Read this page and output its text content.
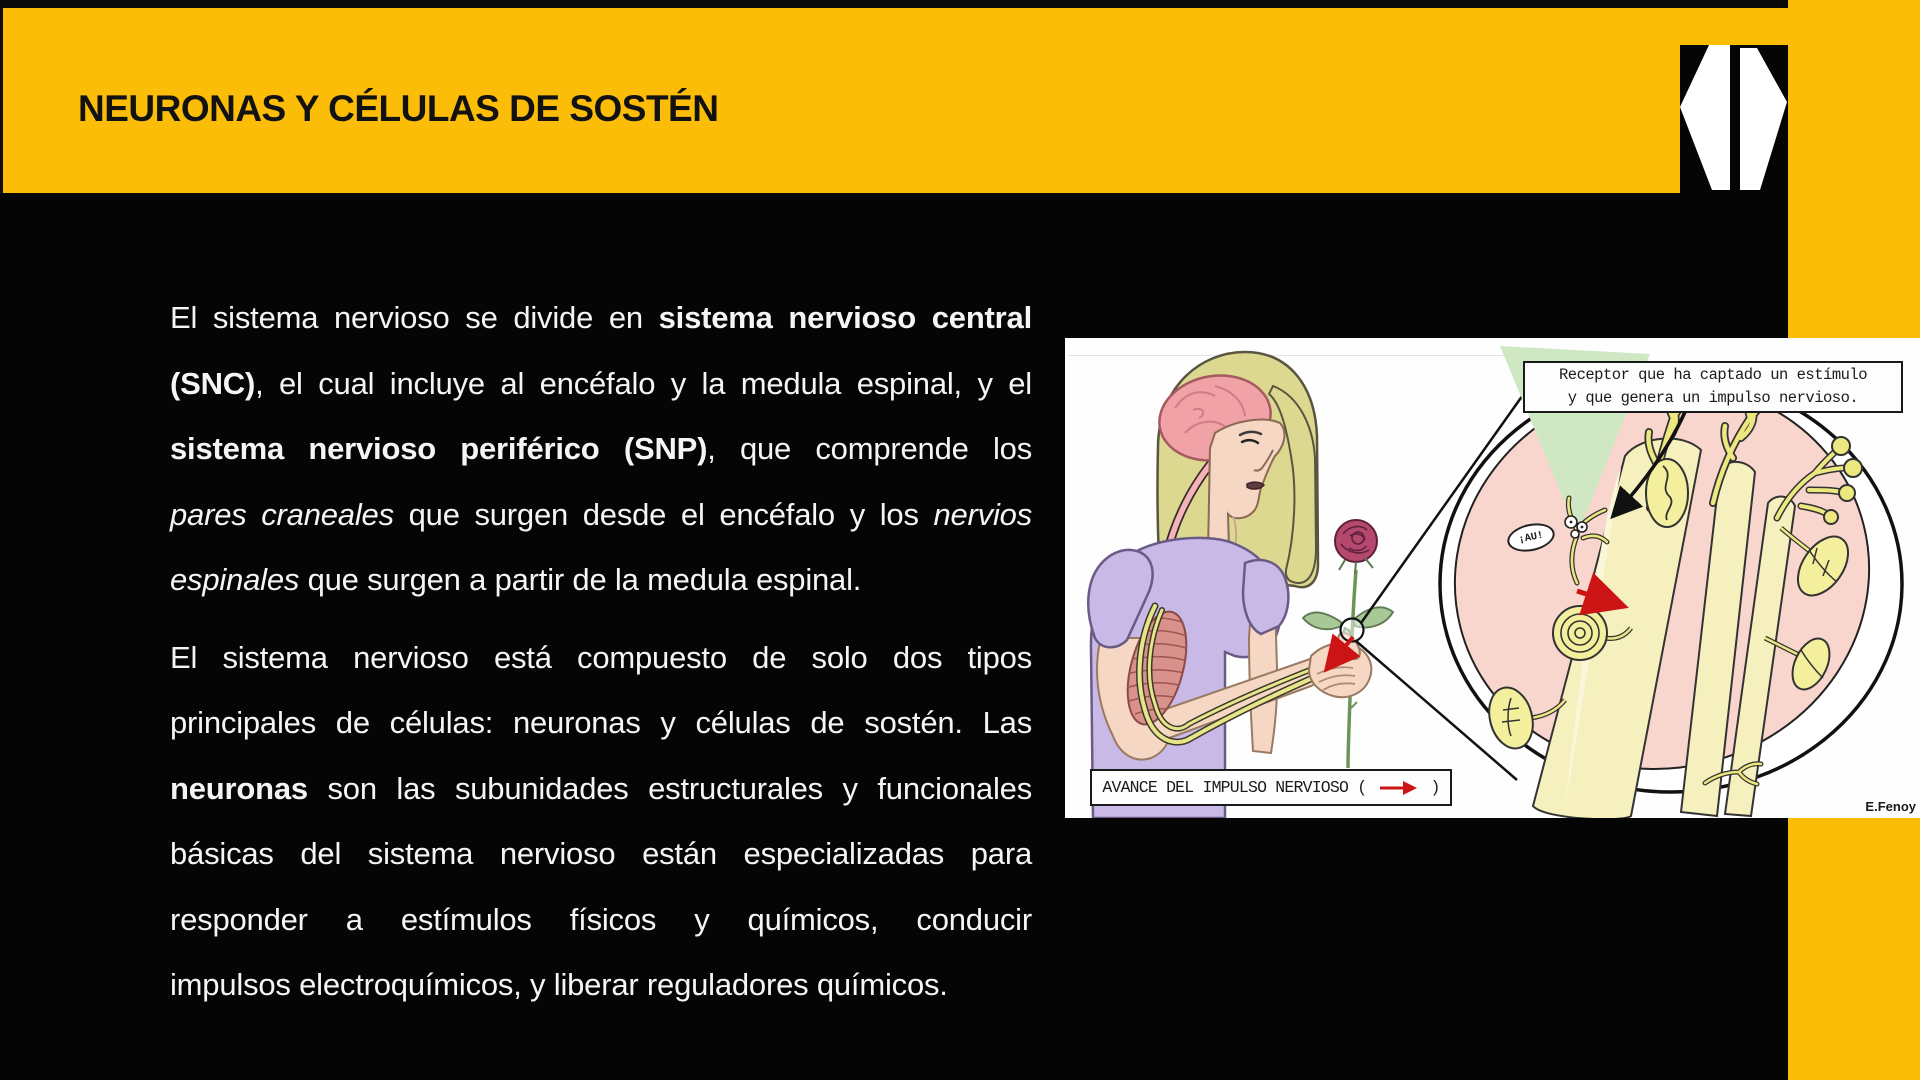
NEURONAS Y CÉLULAS DE SOSTÉN
El sistema nervioso se divide en sistema nervioso central
(SNC), el cual incluye al encéfalo y la medula espinal, y el
sistema nervioso periférico (SNP), que comprende los
pares craneales que surgen desde el encéfalo y los nervios
espinales que surgen a partir de la medula espinal.
El sistema nervioso está compuesto de solo dos tipos
principales de células: neuronas y células de sostén. Las
neuronas son las subunidades estructurales y funcionales
básicas del sistema nervioso están especializadas para
responder a estímulos físicos y químicos, conducir
impulsos electroquímicos, y liberar reguladores químicos.
Receptor que ha captado un estímulo
y que genera un impulso nervioso.
¡AU!
AVANCE DEL IMPULSO NERVIOSO (	)
E.Fenoy
